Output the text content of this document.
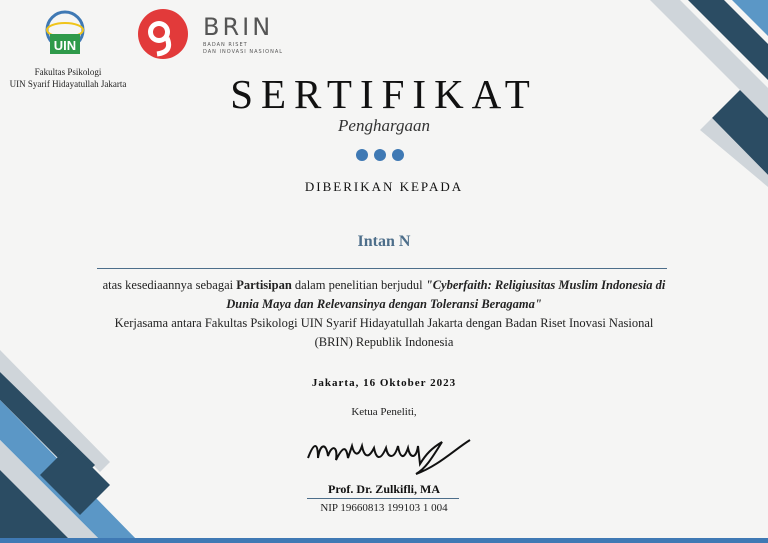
UIN
Fakultas Psikologi
UIN Syarif Hidayatullah Jakarta
BRIN
BADAN RISET
DAN INOVASI NASIONAL
SERTIFIKAT
Penghargaan
DIBERIKAN KEPADA
Intan N
atas kesediaannya sebagai Partisipan dalam penelitian berjudul "Cyberfaith: Religiusitas Muslim Indonesia di Dunia Maya dan Relevansinya dengan Toleransi Beragama"
Kerjasama antara Fakultas Psikologi UIN Syarif Hidayatullah Jakarta dengan Badan Riset Inovasi Nasional (BRIN) Republik Indonesia
Jakarta, 16 Oktober 2023
Ketua Peneliti,
Prof. Dr. Zulkifli, MA
NIP 19660813 199103 1 004
